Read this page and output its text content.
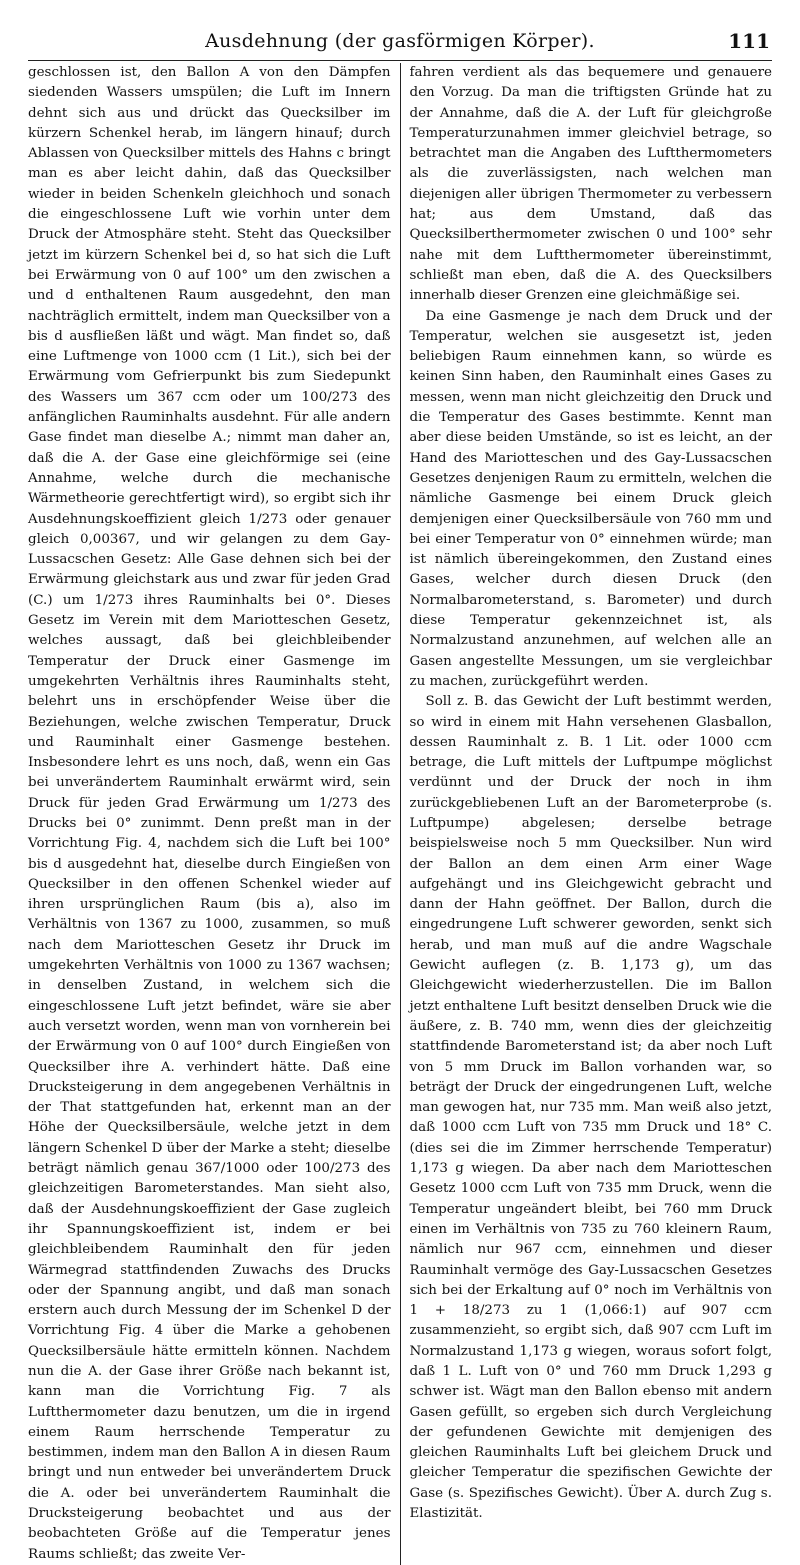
Ausdehnung (der gasförmigen Körper).	111

geschlossen ist, den Ballon A von den Dämpfen siedenden Wassers umspülen; die Luft im Innern dehnt sich aus und drückt das Quecksilber im kürzern Schenkel herab, im längern hinauf; durch Ablassen von Quecksilber mittels des Hahns c bringt man es aber leicht dahin, daß das Quecksilber wieder in beiden Schenkeln gleichhoch und sonach die eingeschlossene Luft wie vorhin unter dem Druck der Atmosphäre steht. Steht das Quecksilber jetzt im kürzern Schenkel bei d, so hat sich die Luft bei Erwärmung von 0 auf 100° um den zwischen a und d enthaltenen Raum ausgedehnt, den man nachträglich ermittelt, indem man Quecksilber von a bis d ausfließen läßt und wägt. Man findet so, daß eine Luftmenge von 1000 ccm (1 Lit.), sich bei der Erwärmung vom Gefrierpunkt bis zum Siedepunkt des Wassers um 367 ccm oder um 100/273 des anfänglichen Rauminhalts ausdehnt. Für alle andern Gase findet man dieselbe A.; nimmt man daher an, daß die A. der Gase eine gleichförmige sei (eine Annahme, welche durch die mechanische Wärmetheorie gerechtfertigt wird), so ergibt sich ihr Ausdehnungskoeffizient gleich 1/273 oder genauer gleich 0,00367, und wir gelangen zu dem Gay-Lussacschen Gesetz: Alle Gase dehnen sich bei der Erwärmung gleichstark aus und zwar für jeden Grad (C.) um 1/273 ihres Rauminhalts bei 0°. Dieses Gesetz im Verein mit dem Mariotteschen Gesetz, welches aussagt, daß bei gleichbleibender Temperatur der Druck einer Gasmenge im umgekehrten Verhältnis ihres Rauminhalts steht, belehrt uns in erschöpfender Weise über die Beziehungen, welche zwischen Temperatur, Druck und Rauminhalt einer Gasmenge bestehen. Insbesondere lehrt es uns noch, daß, wenn ein Gas bei unverändertem Rauminhalt erwärmt wird, sein Druck für jeden Grad Erwärmung um 1/273 des Drucks bei 0° zunimmt. Denn preßt man in der Vorrichtung Fig. 4, nachdem sich die Luft bei 100° bis d ausgedehnt hat, dieselbe durch Eingießen von Quecksilber in den offenen Schenkel wieder auf ihren ursprünglichen Raum (bis a), also im Verhältnis von 1367 zu 1000, zusammen, so muß nach dem Mariotteschen Gesetz ihr Druck im umgekehrten Verhältnis von 1000 zu 1367 wachsen; in denselben Zustand, in welchem sich die eingeschlossene Luft jetzt befindet, wäre sie aber auch versetzt worden, wenn man von vornherein bei der Erwärmung von 0 auf 100° durch Eingießen von Quecksilber ihre A. verhindert hätte. Daß eine Drucksteigerung in dem angegebenen Verhältnis in der That stattgefunden hat, erkennt man an der Höhe der Quecksilbersäule, welche jetzt in dem längern Schenkel D über der Marke a steht; dieselbe beträgt nämlich genau 367/1000 oder 100/273 des gleichzeitigen Barometerstandes. Man sieht also, daß der Ausdehnungskoeffizient der Gase zugleich ihr Spannungskoeffizient ist, indem er bei gleichbleibendem Rauminhalt den für jeden Wärmegrad stattfindenden Zuwachs des Drucks oder der Spannung angibt, und daß man sonach erstern auch durch Messung der im Schenkel D der Vorrichtung Fig. 4 über die Marke a gehobenen Quecksilbersäule hätte ermitteln können. Nachdem nun die A. der Gase ihrer Größe nach bekannt ist, kann man die Vorrichtung Fig. 7 als Luftthermometer dazu benutzen, um die in irgend einem Raum herrschende Temperatur zu bestimmen, indem man den Ballon A in diesen Raum bringt und nun entweder bei unverändertem Druck die A. oder bei unverändertem Rauminhalt die Drucksteigerung beobachtet und aus der beobachteten Größe auf die Temperatur jenes Raums schließt; das zweite Ver-

fahren verdient als das bequemere und genauere den Vorzug. Da man die triftigsten Gründe hat zu der Annahme, daß die A. der Luft für gleichgroße Temperaturzunahmen immer gleichviel betrage, so betrachtet man die Angaben des Luftthermometers als die zuverlässigsten, nach welchen man diejenigen aller übrigen Thermometer zu verbessern hat; aus dem Umstand, daß das Quecksilberthermometer zwischen 0 und 100° sehr nahe mit dem Luftthermometer übereinstimmt, schließt man eben, daß die A. des Quecksilbers innerhalb dieser Grenzen eine gleichmäßige sei.

Da eine Gasmenge je nach dem Druck und der Temperatur, welchen sie ausgesetzt ist, jeden beliebigen Raum einnehmen kann, so würde es keinen Sinn haben, den Rauminhalt eines Gases zu messen, wenn man nicht gleichzeitig den Druck und die Temperatur des Gases bestimmte. Kennt man aber diese beiden Umstände, so ist es leicht, an der Hand des Mariotteschen und des Gay-Lussacschen Gesetzes denjenigen Raum zu ermitteln, welchen die nämliche Gasmenge bei einem Druck gleich demjenigen einer Quecksilbersäule von 760 mm und bei einer Temperatur von 0° einnehmen würde; man ist nämlich übereingekommen, den Zustand eines Gases, welcher durch diesen Druck (den Normalbarometerstand, s. Barometer) und durch diese Temperatur gekennzeichnet ist, als Normalzustand anzunehmen, auf welchen alle an Gasen angestellte Messungen, um sie vergleichbar zu machen, zurückgeführt werden.

Soll z. B. das Gewicht der Luft bestimmt werden, so wird in einem mit Hahn versehenen Glasballon, dessen Rauminhalt z. B. 1 Lit. oder 1000 ccm betrage, die Luft mittels der Luftpumpe möglichst verdünnt und der Druck der noch in ihm zurückgebliebenen Luft an der Barometerprobe (s. Luftpumpe) abgelesen; derselbe betrage beispielsweise noch 5 mm Quecksilber. Nun wird der Ballon an dem einen Arm einer Wage aufgehängt und ins Gleichgewicht gebracht und dann der Hahn geöffnet. Der Ballon, durch die eingedrungene Luft schwerer geworden, senkt sich herab, und man muß auf die andre Wagschale Gewicht auflegen (z. B. 1,173 g), um das Gleichgewicht wiederherzustellen. Die im Ballon jetzt enthaltene Luft besitzt denselben Druck wie die äußere, z. B. 740 mm, wenn dies der gleichzeitig stattfindende Barometerstand ist; da aber noch Luft von 5 mm Druck im Ballon vorhanden war, so beträgt der Druck der eingedrungenen Luft, welche man gewogen hat, nur 735 mm. Man weiß also jetzt, daß 1000 ccm Luft von 735 mm Druck und 18° C. (dies sei die im Zimmer herrschende Temperatur) 1,173 g wiegen. Da aber nach dem Mariotteschen Gesetz 1000 ccm Luft von 735 mm Druck, wenn die Temperatur ungeändert bleibt, bei 760 mm Druck einen im Verhältnis von 735 zu 760 kleinern Raum, nämlich nur 967 ccm, einnehmen und dieser Rauminhalt vermöge des Gay-Lussacschen Gesetzes sich bei der Erkaltung auf 0° noch im Verhältnis von 1 + 18/273 zu 1 (1,066:1) auf 907 ccm zusammenzieht, so ergibt sich, daß 907 ccm Luft im Normalzustand 1,173 g wiegen, woraus sofort folgt, daß 1 L. Luft von 0° und 760 mm Druck 1,293 g schwer ist. Wägt man den Ballon ebenso mit andern Gasen gefüllt, so ergeben sich durch Vergleichung der gefundenen Gewichte mit demjenigen des gleichen Rauminhalts Luft bei gleichem Druck und gleicher Temperatur die spezifischen Gewichte der Gase (s. Spezifisches Gewicht). Über A. durch Zug s. Elastizität.
